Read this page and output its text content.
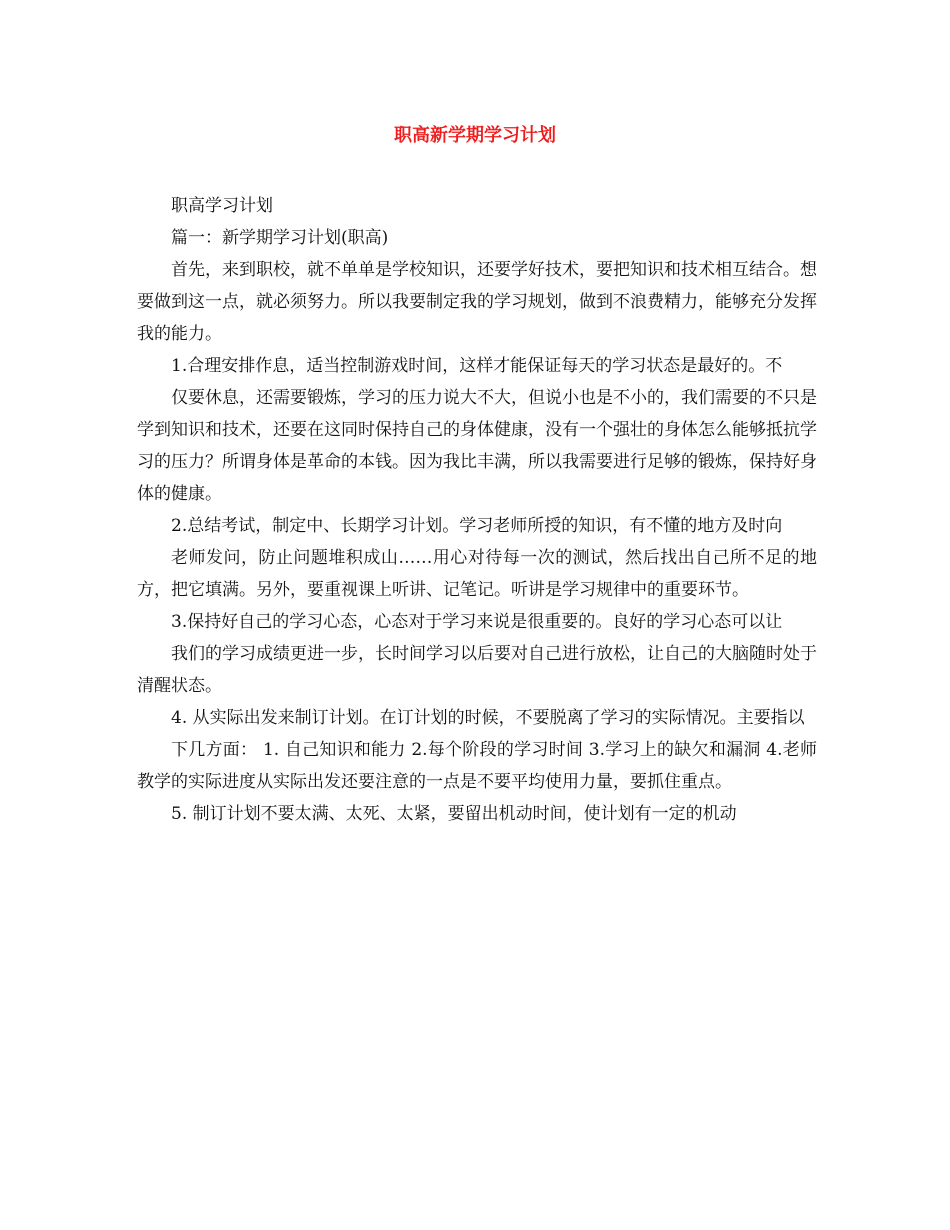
职高新学期学习计划

职高学习计划

篇一：新学期学习计划(职高)

首先，来到职校，就不单单是学校知识，还要学好技术，要把知识和技术相互结合。想要做到这一点，就必须努力。所以我要制定我的学习规划，做到不浪费精力，能够充分发挥我的能力。

1.合理安排作息，适当控制游戏时间，这样才能保证每天的学习状态是最好的。不

仅要休息，还需要锻炼，学习的压力说大不大，但说小也是不小的，我们需要的不只是学到知识和技术，还要在这同时保持自己的身体健康，没有一个强壮的身体怎么能够抵抗学习的压力？所谓身体是革命的本钱。因为我比丰满，所以我需要进行足够的锻炼，保持好身体的健康。

2.总结考试，制定中、长期学习计划。学习老师所授的知识，有不懂的地方及时向

老师发问，防止问题堆积成山……用心对待每一次的测试，然后找出自己所不足的地方，把它填满。另外，要重视课上听讲、记笔记。听讲是学习规律中的重要环节。

3.保持好自己的学习心态，心态对于学习来说是很重要的。良好的学习心态可以让

我们的学习成绩更进一步，长时间学习以后要对自己进行放松，让自己的大脑随时处于清醒状态。

4. 从实际出发来制订计划。在订计划的时候，不要脱离了学习的实际情况。主要指以

下几方面： 1. 自己知识和能力 2.每个阶段的学习时间 3.学习上的缺欠和漏洞 4.老师教学的实际进度从实际出发还要注意的一点是不要平均使用力量，要抓住重点。

5. 制订计划不要太满、太死、太紧，要留出机动时间，使计划有一定的机动
